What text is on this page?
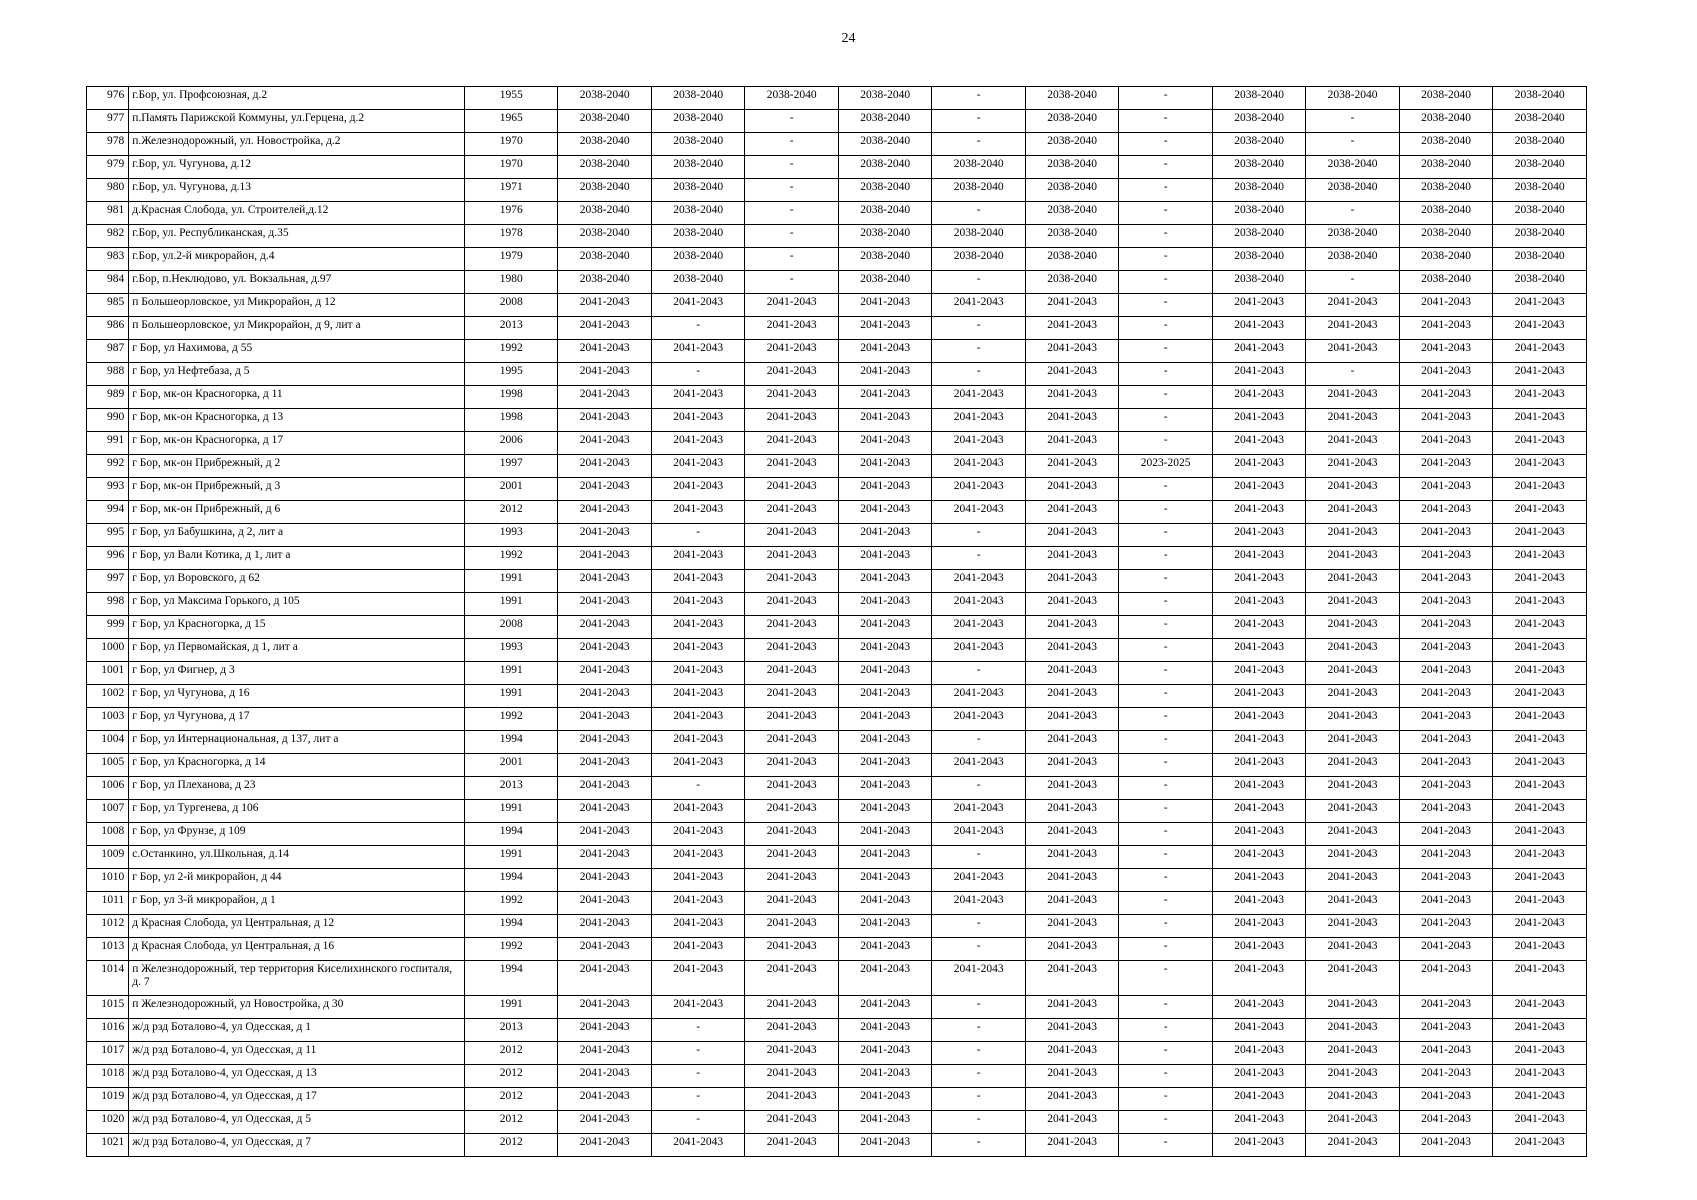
24
976	г.Бор, ул. Профсоюзная, д.2	1955	2038-2040	2038-2040	2038-2040	2038-2040	-	2038-2040	-	2038-2040	2038-2040	2038-2040	2038-2040
977	п.Память Парижской Коммуны, ул.Герцена, д.2	1965	2038-2040	2038-2040	-	2038-2040	-	2038-2040	-	2038-2040	-	2038-2040	2038-2040
978	п.Железнодорожный, ул. Новостройка, д.2	1970	2038-2040	2038-2040	-	2038-2040	-	2038-2040	-	2038-2040	-	2038-2040	2038-2040
979	г.Бор, ул. Чугунова, д.12	1970	2038-2040	2038-2040	-	2038-2040	2038-2040	2038-2040	-	2038-2040	2038-2040	2038-2040	2038-2040
980	г.Бор, ул. Чугунова, д.13	1971	2038-2040	2038-2040	-	2038-2040	2038-2040	2038-2040	-	2038-2040	2038-2040	2038-2040	2038-2040
981	д.Красная Слобода, ул. Строителей,д.12	1976	2038-2040	2038-2040	-	2038-2040	-	2038-2040	-	2038-2040	-	2038-2040	2038-2040
982	г.Бор, ул. Республиканская, д.35	1978	2038-2040	2038-2040	-	2038-2040	2038-2040	2038-2040	-	2038-2040	2038-2040	2038-2040	2038-2040
983	г.Бор, ул.2-й микрорайон, д.4	1979	2038-2040	2038-2040	-	2038-2040	2038-2040	2038-2040	-	2038-2040	2038-2040	2038-2040	2038-2040
984	г.Бор, п.Неклюдово, ул. Вокзальная, д.97	1980	2038-2040	2038-2040	-	2038-2040	-	2038-2040	-	2038-2040	-	2038-2040	2038-2040
985	п Большеорловское, ул Микрорайон, д 12	2008	2041-2043	2041-2043	2041-2043	2041-2043	2041-2043	2041-2043	-	2041-2043	2041-2043	2041-2043	2041-2043
986	п Большеорловское, ул Микрорайон, д 9, лит а	2013	2041-2043	-	2041-2043	2041-2043	-	2041-2043	-	2041-2043	2041-2043	2041-2043	2041-2043
987	г Бор, ул Нахимова, д 55	1992	2041-2043	2041-2043	2041-2043	2041-2043	-	2041-2043	-	2041-2043	2041-2043	2041-2043	2041-2043
988	г Бор, ул Нефтебаза, д 5	1995	2041-2043	-	2041-2043	2041-2043	-	2041-2043	-	2041-2043	-	2041-2043	2041-2043
989	г Бор, мк-он Красногорка, д 11	1998	2041-2043	2041-2043	2041-2043	2041-2043	2041-2043	2041-2043	-	2041-2043	2041-2043	2041-2043	2041-2043
990	г Бор, мк-он Красногорка, д 13	1998	2041-2043	2041-2043	2041-2043	2041-2043	2041-2043	2041-2043	-	2041-2043	2041-2043	2041-2043	2041-2043
991	г Бор, мк-он Красногорка, д 17	2006	2041-2043	2041-2043	2041-2043	2041-2043	2041-2043	2041-2043	-	2041-2043	2041-2043	2041-2043	2041-2043
992	г Бор, мк-он Прибрежный, д 2	1997	2041-2043	2041-2043	2041-2043	2041-2043	2041-2043	2041-2043	2023-2025	2041-2043	2041-2043	2041-2043	2041-2043
993	г Бор, мк-он Прибрежный, д 3	2001	2041-2043	2041-2043	2041-2043	2041-2043	2041-2043	2041-2043	-	2041-2043	2041-2043	2041-2043	2041-2043
994	г Бор, мк-он Прибрежный, д 6	2012	2041-2043	2041-2043	2041-2043	2041-2043	2041-2043	2041-2043	-	2041-2043	2041-2043	2041-2043	2041-2043
995	г Бор, ул Бабушкина, д 2, лит а	1993	2041-2043	-	2041-2043	2041-2043	-	2041-2043	-	2041-2043	2041-2043	2041-2043	2041-2043
996	г Бор, ул Вали Котика, д 1, лит а	1992	2041-2043	2041-2043	2041-2043	2041-2043	-	2041-2043	-	2041-2043	2041-2043	2041-2043	2041-2043
997	г Бор, ул Воровского, д 62	1991	2041-2043	2041-2043	2041-2043	2041-2043	2041-2043	2041-2043	-	2041-2043	2041-2043	2041-2043	2041-2043
998	г Бор, ул Максима Горького, д 105	1991	2041-2043	2041-2043	2041-2043	2041-2043	2041-2043	2041-2043	-	2041-2043	2041-2043	2041-2043	2041-2043
999	г Бор, ул Красногорка, д 15	2008	2041-2043	2041-2043	2041-2043	2041-2043	2041-2043	2041-2043	-	2041-2043	2041-2043	2041-2043	2041-2043
1000	г Бор, ул Первомайская, д 1, лит а	1993	2041-2043	2041-2043	2041-2043	2041-2043	2041-2043	2041-2043	-	2041-2043	2041-2043	2041-2043	2041-2043
1001	г Бор, ул Фигнер, д 3	1991	2041-2043	2041-2043	2041-2043	2041-2043	-	2041-2043	-	2041-2043	2041-2043	2041-2043	2041-2043
1002	г Бор, ул Чугунова, д 16	1991	2041-2043	2041-2043	2041-2043	2041-2043	2041-2043	2041-2043	-	2041-2043	2041-2043	2041-2043	2041-2043
1003	г Бор, ул Чугунова, д 17	1992	2041-2043	2041-2043	2041-2043	2041-2043	2041-2043	2041-2043	-	2041-2043	2041-2043	2041-2043	2041-2043
1004	г Бор, ул Интернациональная, д 137, лит а	1994	2041-2043	2041-2043	2041-2043	2041-2043	-	2041-2043	-	2041-2043	2041-2043	2041-2043	2041-2043
1005	г Бор, ул Красногорка, д 14	2001	2041-2043	2041-2043	2041-2043	2041-2043	2041-2043	2041-2043	-	2041-2043	2041-2043	2041-2043	2041-2043
1006	г Бор, ул Плеханова, д 23	2013	2041-2043	-	2041-2043	2041-2043	-	2041-2043	-	2041-2043	2041-2043	2041-2043	2041-2043
1007	г Бор, ул Тургенева, д 106	1991	2041-2043	2041-2043	2041-2043	2041-2043	2041-2043	2041-2043	-	2041-2043	2041-2043	2041-2043	2041-2043
1008	г Бор, ул Фрунзе, д 109	1994	2041-2043	2041-2043	2041-2043	2041-2043	2041-2043	2041-2043	-	2041-2043	2041-2043	2041-2043	2041-2043
1009	с.Останкино, ул.Школьная, д.14	1991	2041-2043	2041-2043	2041-2043	2041-2043	-	2041-2043	-	2041-2043	2041-2043	2041-2043	2041-2043
1010	г Бор, ул 2-й микрорайон, д 44	1994	2041-2043	2041-2043	2041-2043	2041-2043	2041-2043	2041-2043	-	2041-2043	2041-2043	2041-2043	2041-2043
1011	г Бор, ул 3-й микрорайон, д 1	1992	2041-2043	2041-2043	2041-2043	2041-2043	2041-2043	2041-2043	-	2041-2043	2041-2043	2041-2043	2041-2043
1012	д Красная Слобода, ул Центральная, д 12	1994	2041-2043	2041-2043	2041-2043	2041-2043	-	2041-2043	-	2041-2043	2041-2043	2041-2043	2041-2043
1013	д Красная Слобода, ул Центральная, д 16	1992	2041-2043	2041-2043	2041-2043	2041-2043	-	2041-2043	-	2041-2043	2041-2043	2041-2043	2041-2043
1014	п Железнодорожный, тер территория Киселихинского госпиталя, д. 7	1994	2041-2043	2041-2043	2041-2043	2041-2043	2041-2043	2041-2043	-	2041-2043	2041-2043	2041-2043	2041-2043
1015	п Железнодорожный, ул Новостройка, д 30	1991	2041-2043	2041-2043	2041-2043	2041-2043	-	2041-2043	-	2041-2043	2041-2043	2041-2043	2041-2043
1016	ж/д рзд Боталово-4, ул Одесская, д 1	2013	2041-2043	-	2041-2043	2041-2043	-	2041-2043	-	2041-2043	2041-2043	2041-2043	2041-2043
1017	ж/д рзд Боталово-4, ул Одесская, д 11	2012	2041-2043	-	2041-2043	2041-2043	-	2041-2043	-	2041-2043	2041-2043	2041-2043	2041-2043
1018	ж/д рзд Боталово-4, ул Одесская, д 13	2012	2041-2043	-	2041-2043	2041-2043	-	2041-2043	-	2041-2043	2041-2043	2041-2043	2041-2043
1019	ж/д рзд Боталово-4, ул Одесская, д 17	2012	2041-2043	-	2041-2043	2041-2043	-	2041-2043	-	2041-2043	2041-2043	2041-2043	2041-2043
1020	ж/д рзд Боталово-4, ул Одесская, д 5	2012	2041-2043	-	2041-2043	2041-2043	-	2041-2043	-	2041-2043	2041-2043	2041-2043	2041-2043
1021	ж/д рзд Боталово-4, ул Одесская, д 7	2012	2041-2043	2041-2043	2041-2043	2041-2043	-	2041-2043	-	2041-2043	2041-2043	2041-2043	2041-2043
